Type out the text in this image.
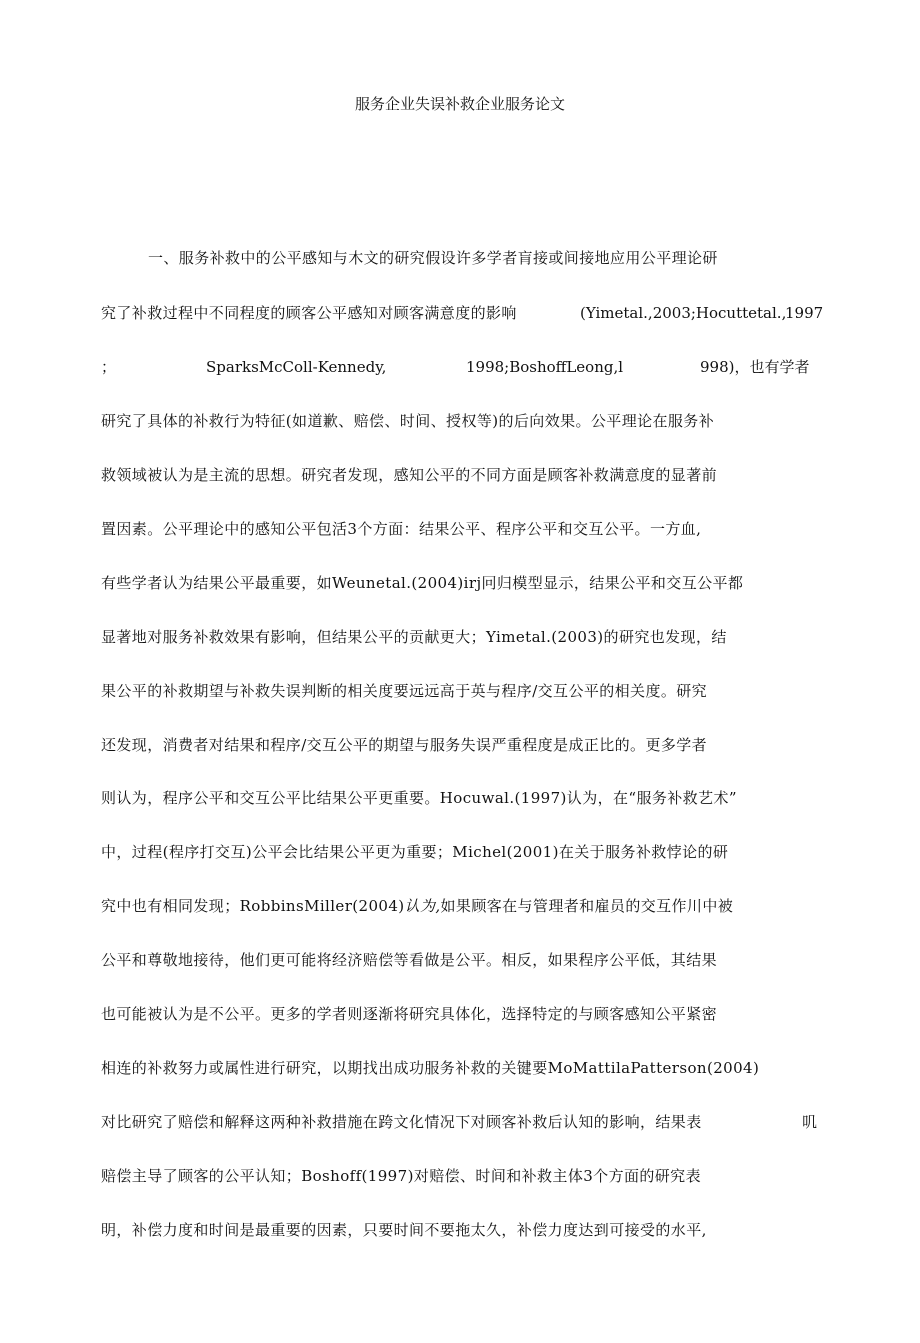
服务企业失误补救企业服务论文
一、服务补救中的公平感知与木文的研究假设许多学者肓接或间接地应用公平理论研
究了补救过程中不同程度的顾客公平感知对顾客满意度的影响	(Yimetal.,2003;Hocuttetal.,
1997
；	SparksMcColl-Kennedy,	1998;BoshoffLeong,l	998)，也有学者
研究了具体的补救行为特征(如道歉、赔偿、时间、授权等)的后向效果。公平理论在服务补
救领域被认为是主流的思想。研究者发现，感知公平的不同方面是顾客补救满意度的显著前
置因素。公平理论中的感知公平包活3个方面：结果公平、程序公平和交互公平。一方血,
有些学者认为结果公平最重要，如Weunetal.(2004)irj冋归模型显示，结果公平和交互公平都
显著地对服务补救效果有影响，但结果公平的贡献更大；Yimetal.(2003)的研究也发现，结
果公平的补救期望与补救失误判断的相关度要远远高于英与程序/交互公平的相关度。研究
还发现，消费者对结果和程序/交互公平的期望与服务失误严重程度是成正比的。更多学者
则认为，程序公平和交互公平比结果公平更重要。Hocuwal.(1997)认为，在“服务补救艺术”
中，过程(程序打交互)公平会比结果公平更为重要；Michel(2001)在关于服务补救悖论的研
究中也有相同发现；RobbinsMiller(2004)认为,如果顾客在与管理者和雇员的交互作川中被
公平和尊敬地接待，他们更可能将经济赔偿等看做是公平。相反，如果程序公平低，其结果
也可能被认为是不公平。更多的学者则逐渐将研究具体化，选择特定的与顾客感知公平紧密
相连的补救努力或属性进行研究，以期找出成功服务补救的关键要MoMattilaPatterson(2004)
对比研究了赔偿和解释这两种补救措施在跨文化情况下对顾客补救后认知的影响，结果表	叽
赔偿主导了顾客的公平认知；Boshoff(1997)对赔偿、时间和补救主体3个方面的研究表
明，补偿力度和时间是最重要的因素，只要时间不要拖太久，补偿力度达到可接受的水平,
